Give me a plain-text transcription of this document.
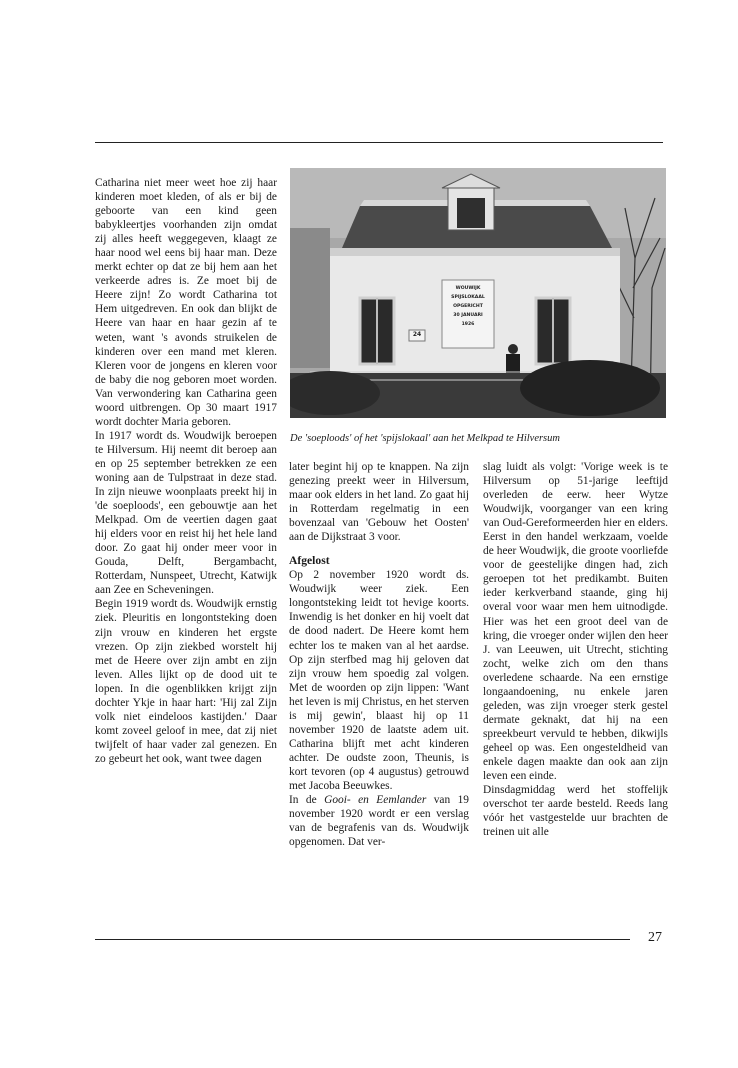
WOUWIJK
SPIJSLOKAAL
OPGERICHT
30 JANUARI
1926
24
De 'soeploods' of het 'spijslokaal' aan het Melkpad te Hilversum

Catharina niet meer weet hoe zij haar kinderen moet kleden, of als er bij de geboorte van een kind geen babykleertjes voorhanden zijn omdat zij alles heeft weggegeven, klaagt ze haar nood wel eens bij haar man. Deze merkt echter op dat ze bij hem aan het verkeerde adres is. Ze moet bij de Heere zijn! Zo wordt Catharina tot Hem uitgedreven. En ook dan blijkt de Heere van haar en haar gezin af te weten, want 's avonds struikelen de kinderen over een mand met kleren. Kleren voor de jongens en kleren voor de baby die nog geboren moet worden. Van verwondering kan Catharina geen woord uitbrengen. Op 30 maart 1917 wordt dochter Maria geboren.

In 1917 wordt ds. Woudwijk beroepen te Hilversum. Hij neemt dit beroep aan en op 25 september betrekken ze een woning aan de Tulpstraat in deze stad. In zijn nieuwe woonplaats preekt hij in 'de soeploods', een gebouwtje aan het Melkpad. Om de veertien dagen gaat hij elders voor en reist hij het hele land door. Zo gaat hij onder meer voor in Gouda, Delft, Bergambacht, Rotterdam, Nunspeet, Utrecht, Katwijk aan Zee en Scheveningen.

Begin 1919 wordt ds. Woudwijk ernstig ziek. Pleuritis en longontsteking doen zijn vrouw en kinderen het ergste vrezen. Op zijn ziekbed worstelt hij met de Heere over zijn ambt en zijn leven. Alles lijkt op de dood uit te lopen. In die ogenblikken krijgt zijn dochter Ykje in haar hart: 'Hij zal Zijn volk niet eindeloos kastijden.' Daar komt zoveel geloof in mee, dat zij niet twijfelt of haar vader zal genezen. En zo gebeurt het ook, want twee dagen

later begint hij op te knappen. Na zijn genezing preekt weer in Hilversum, maar ook elders in het land. Zo gaat hij in Rotterdam regelmatig in een bovenzaal van 'Gebouw het Oosten' aan de Dijkstraat 3 voor.

Afgelost

Op 2 november 1920 wordt ds. Woudwijk weer ziek. Een longontsteking leidt tot hevige koorts. Inwendig is het donker en hij voelt dat de dood nadert. De Heere komt hem echter los te maken van al het aardse. Op zijn sterfbed mag hij geloven dat zijn vrouw hem spoedig zal volgen. Met de woorden op zijn lippen: 'Want het leven is mij Christus, en het sterven is mij gewin', blaast hij op 11 november 1920 de laatste adem uit. Catharina blijft met acht kinderen achter. De oudste zoon, Theunis, is kort tevoren (op 4 augustus) getrouwd met Jacoba Beeuwkes.

In de Gooi- en Eemlander van 19 november 1920 wordt er een verslag van de begrafenis van ds. Woudwijk opgenomen. Dat ver-

slag luidt als volgt: 'Vorige week is te Hilversum op 51-jarige leeftijd overleden de eerw. heer Wytze Woudwijk, voorganger van een kring van Oud-Gereformeerden hier en elders. Eerst in den handel werkzaam, voelde de heer Woudwijk, die groote voorliefde voor de geestelijke dingen had, zich geroepen tot het predikambt. Buiten ieder kerkverband staande, ging hij overal voor waar men hem uitnodigde. Hier was het een groot deel van de kring, die vroeger onder wijlen den heer J. van Leeuwen, uit Utrecht, stichting zocht, welke zich om den thans overledene schaarde. Na een ernstige longaandoening, nu enkele jaren geleden, was zijn vroeger sterk gestel dermate geknakt, dat hij na een spreekbeurt vervuld te hebben, dikwijls geheel op was. Een ongesteldheid van enkele dagen maakte dan ook aan zijn leven een einde.

Dinsdagmiddag werd het stoffelijk overschot ter aarde besteld. Reeds lang vóór het vastgestelde uur brachten de treinen uit alle

27
